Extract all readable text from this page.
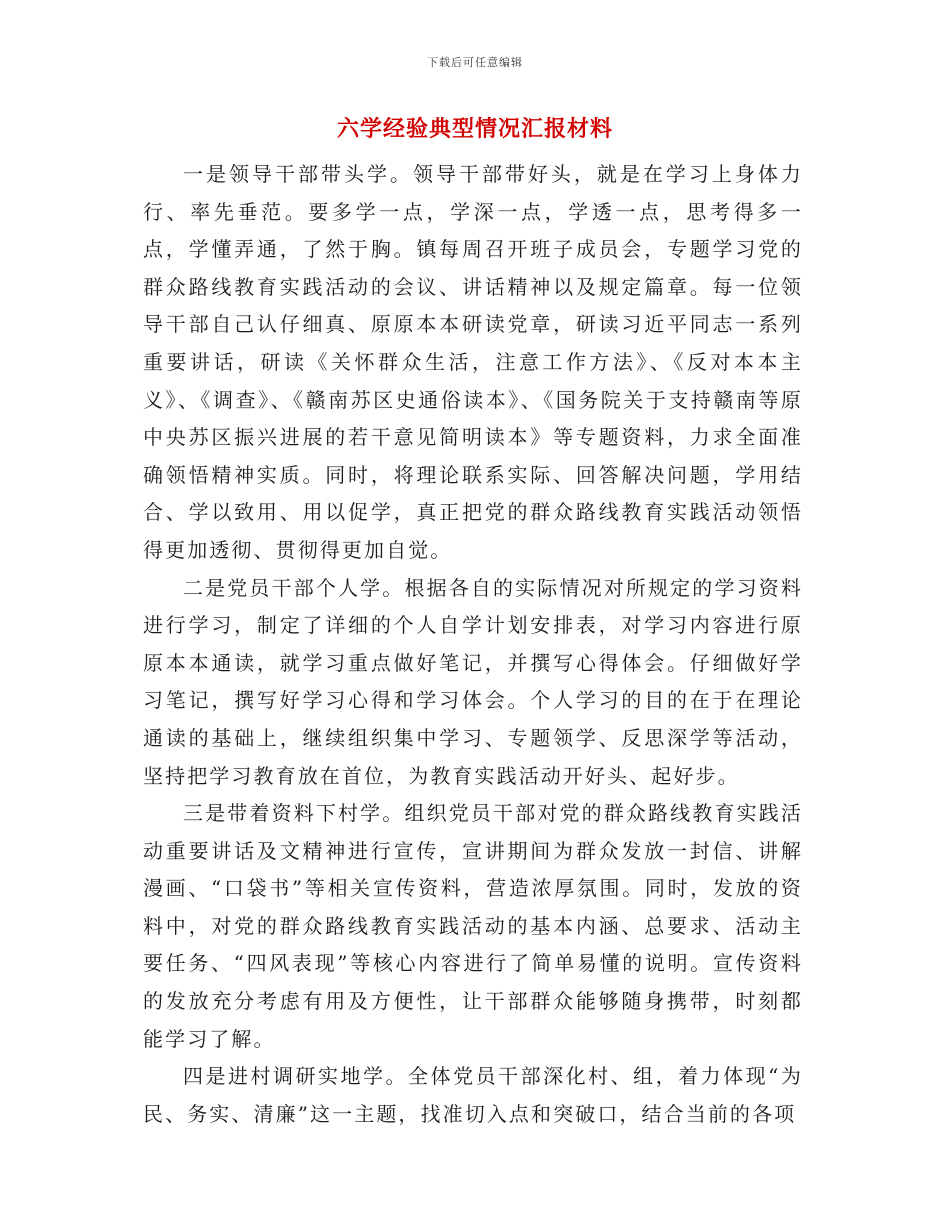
下载后可任意编辑
六学经验典型情况汇报材料

一是领导干部带头学。领导干部带好头，就是在学习上身体力行、率先垂范。要多学一点，学深一点，学透一点，思考得多一点，学懂弄通，了然于胸。镇每周召开班子成员会，专题学习党的群众路线教育实践活动的会议、讲话精神以及规定篇章。每一位领导干部自己认仔细真、原原本本研读党章，研读习近平同志一系列重要讲话，研读《关怀群众生活，注意工作方法》、《反对本本主义》、《调查》、《赣南苏区史通俗读本》、《国务院关于支持赣南等原中央苏区振兴进展的若干意见简明读本》等专题资料，力求全面准确领悟精神实质。同时，将理论联系实际、回答解决问题，学用结合、学以致用、用以促学，真正把党的群众路线教育实践活动领悟得更加透彻、贯彻得更加自觉。

二是党员干部个人学。根据各自的实际情况对所规定的学习资料进行学习，制定了详细的个人自学计划安排表，对学习内容进行原原本本通读，就学习重点做好笔记，并撰写心得体会。仔细做好学习笔记，撰写好学习心得和学习体会。个人学习的目的在于在理论通读的基础上，继续组织集中学习、专题领学、反思深学等活动，坚持把学习教育放在首位，为教育实践活动开好头、起好步。

三是带着资料下村学。组织党员干部对党的群众路线教育实践活动重要讲话及文精神进行宣传，宣讲期间为群众发放一封信、讲解漫画、“口袋书”等相关宣传资料，营造浓厚氛围。同时，发放的资料中，对党的群众路线教育实践活动的基本内涵、总要求、活动主要任务、“四风表现”等核心内容进行了简单易懂的说明。宣传资料的发放充分考虑有用及方便性，让干部群众能够随身携带，时刻都能学习了解。

四是进村调研实地学。全体党员干部深化村、组，着力体现“为民、务实、清廉”这一主题，找准切入点和突破口，结合当前的各项
